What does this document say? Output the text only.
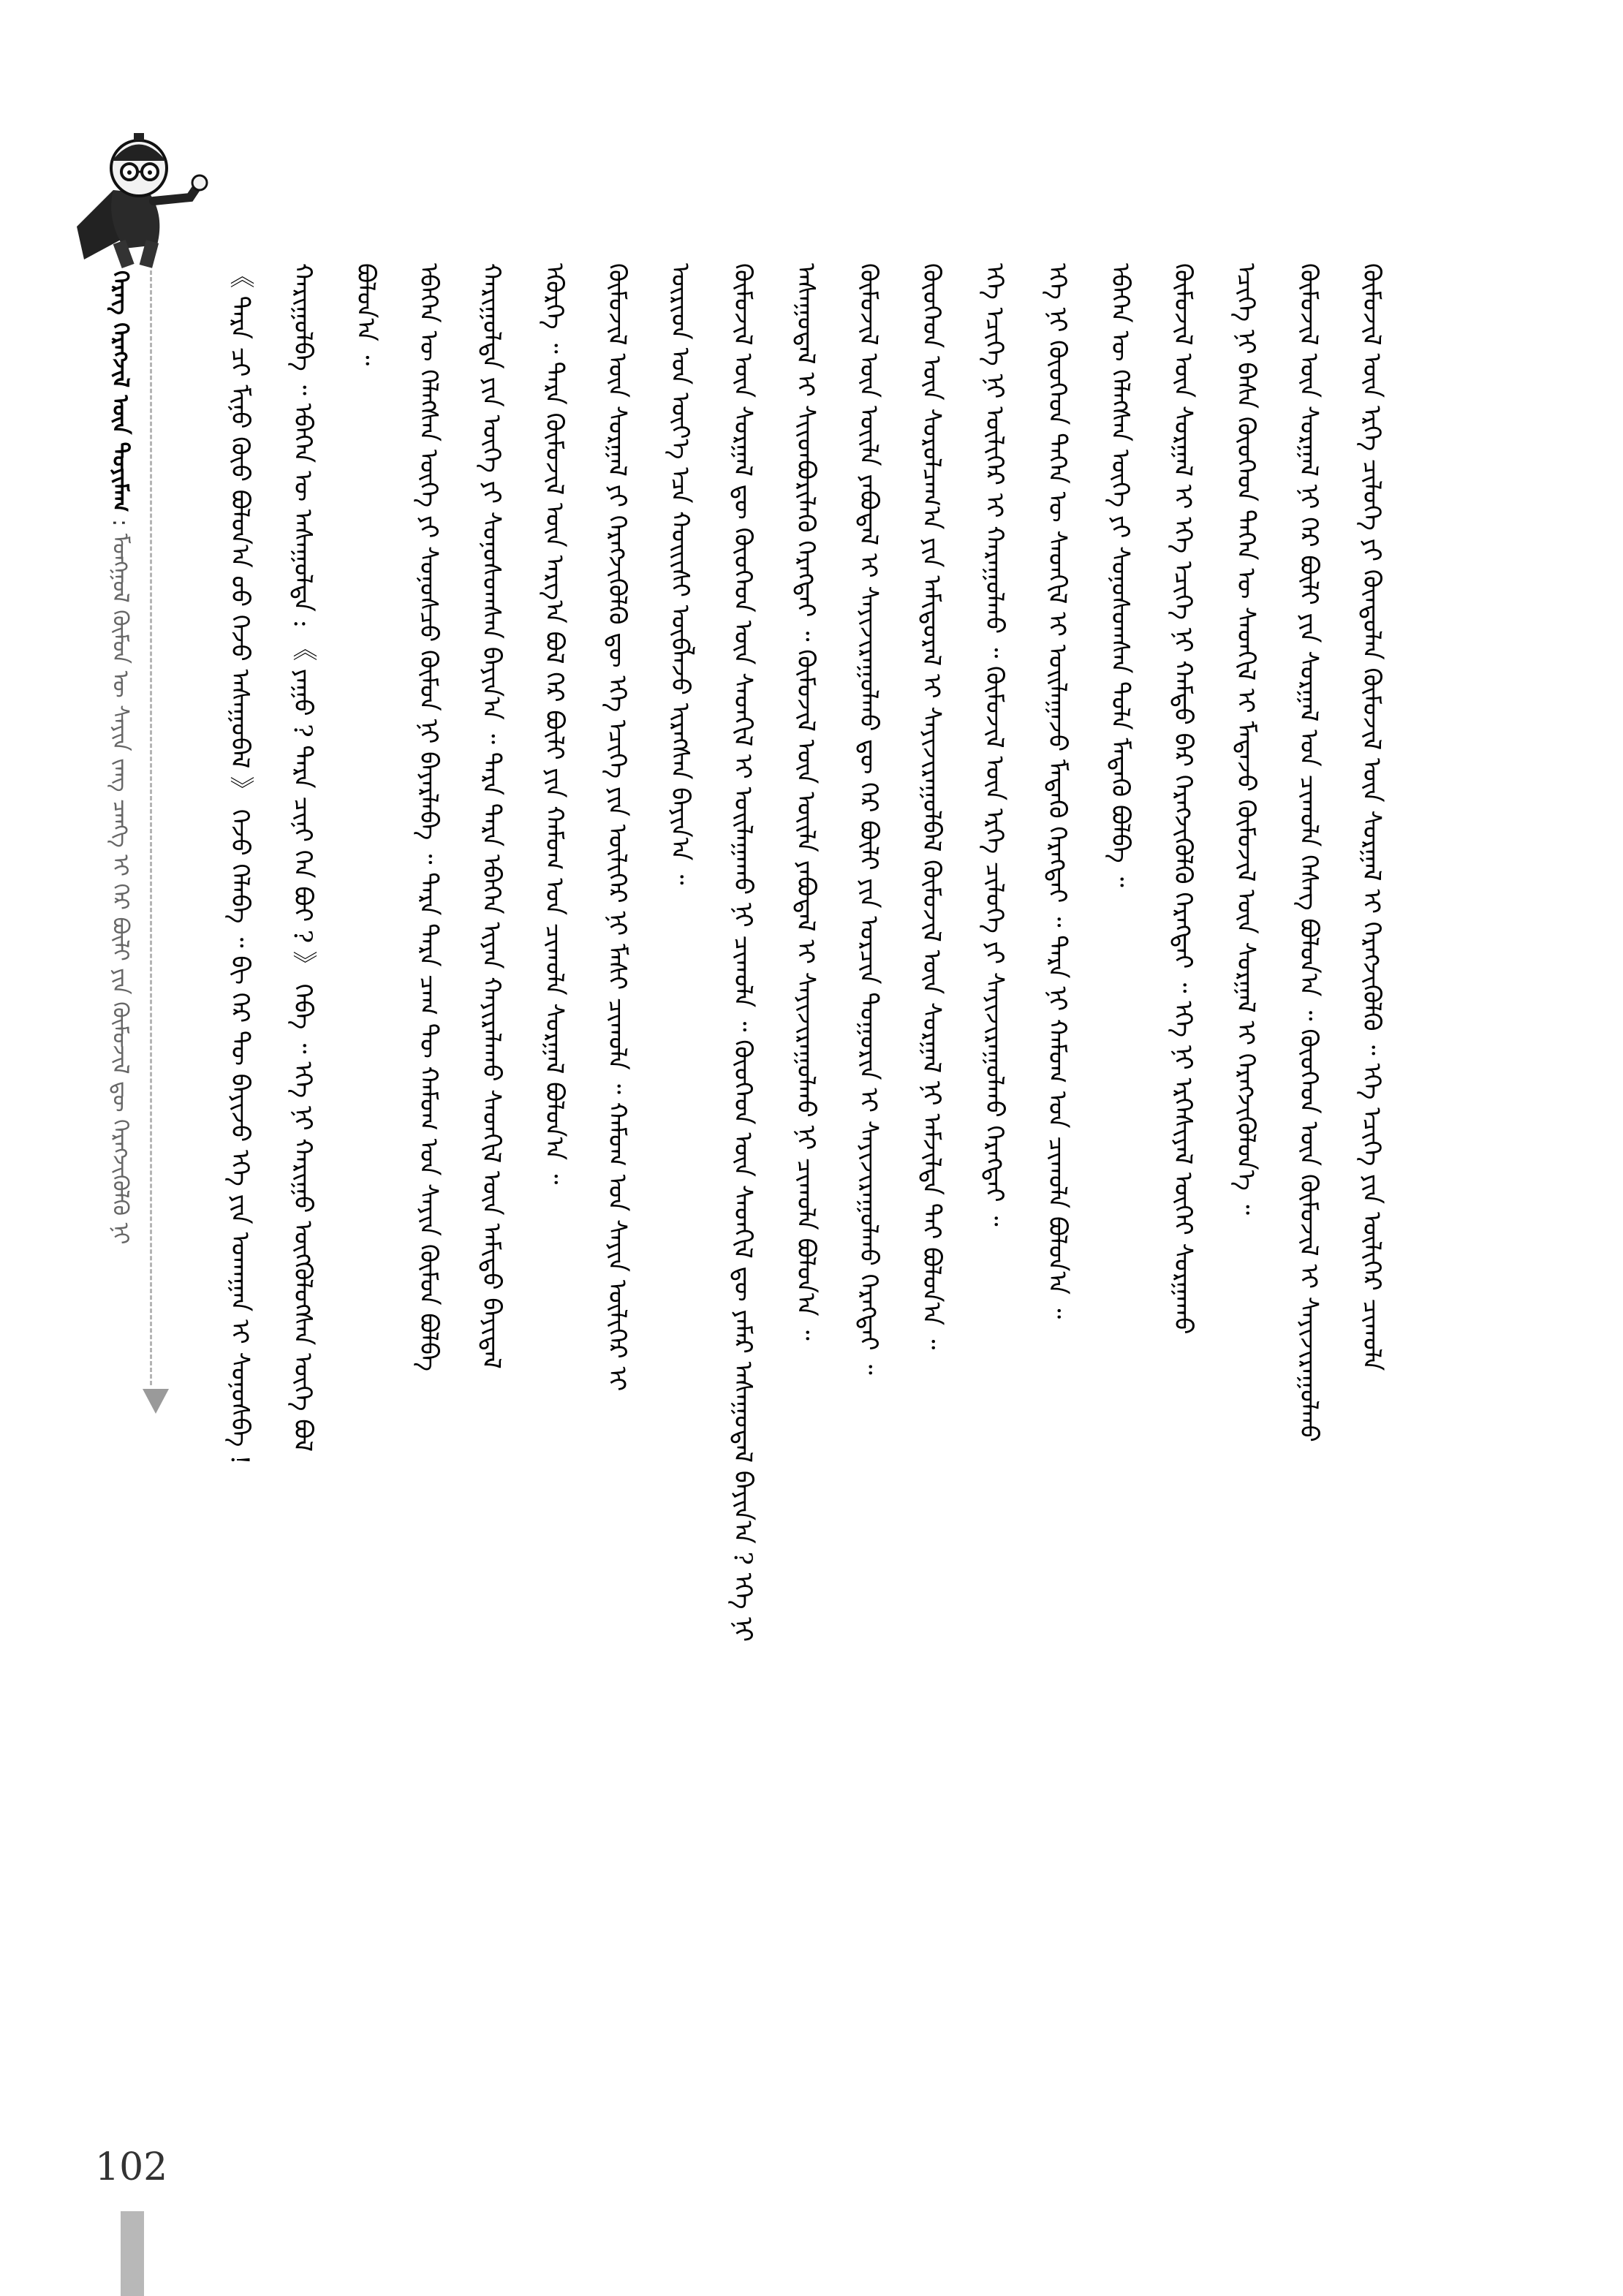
ᠬᠡᠷᠡᠭ ᠬᠡᠷᠡᠭᠵᠢᠯ ᠦᠨ ᠲᠣᠶᠢᠮᠠᠭ : ᠮᠣᠩᠭᠣᠯ ᠬᠦᠮᠦᠨ ᠦ ᠰᠠᠶᠢᠨ ᠵᠠᠩ ᠴᠠᠩᠭ ᠢ ᠭᠡᠷ ᠪᠦᠯᠢ ᠶᠢᠨ ᠬᠦᠮᠦᠵᠢᠯ ᠳᠦ ᠬᠡᠷᠡᠭᠵᠢᠭᠦᠯᠬᠦ ᠨᠢ	《 ᠲᠡᠷᠡ ᠴᠢ ᠮᠢᠨᠤ ᠬᠦᠦ ᠪᠣᠯᠤᠨ᠎ᠠ ᠦᠦ ᠭᠡᠵᠦ ᠠᠰᠠᠭᠤᠪᠠᠯ 》 ᠭᠡᠵᠦ ᠬᠡᠯᠡᠪᠡ ᠃ ᠪᠢ ᠭᠡᠷ ᠲᠦ ᠪᠠᠶᠢᠵᠤ ᠡᠬᠡ ᠶᠢᠨ ᠤᠬᠠᠭᠠᠨ ᠢ ᠰᠣᠨᠣᠰᠪᠠ ! ᠬᠠᠷᠢᠭᠤᠯᠪᠠ ᠃ ᠡᠪᠡᠭᠡᠨ ᠦ ᠠᠰᠠᠭᠤᠯᠳᠠ : 《 ᠶᠠᠭᠤ ? ᠲᠡᠷᠡ ᠴᠢᠨᠢ ᠬᠡᠨ ᠪᠤᠢ ? 》 ᠭᠡᠪᠡ ᠃ ᠡᠬᠡ ᠨᠢ ᠬᠠᠷᠢᠭᠤ ᠥᠭᠭᠦᠯᠦᠭᠰᠡᠨ ᠦᠭᠡ ᠪᠤᠯ ᠪᠣᠯᠤᠨ᠎ᠠ ᠃ ᠡᠪᠡᠭᠡᠨ ᠦ ᠬᠡᠯᠡᠭᠰᠡᠨ ᠦᠭᠡ ᠶᠢ ᠰᠣᠨᠣᠰᠴᠤ ᠬᠦᠮᠦᠨ ᠨᠢ ᠪᠠᠶᠠᠷᠯᠠᠪᠠ ᠃ ᠲᠡᠷᠡ ᠲᠡᠷᠡ ᠴᠠᠭ ᠲᠦ ᠬᠠᠮᠤᠭ ᠤᠨ ᠰᠠᠶᠢᠨ ᠬᠦᠮᠦᠨ ᠪᠣᠯᠪᠠ ᠬᠠᠷᠢᠭᠤᠯᠲᠠ ᠶᠢᠨ ᠦᠭᠡ ᠶᠢ ᠰᠣᠨᠣᠰᠤᠭᠰᠠᠨ ᠪᠠᠶᠢᠨ᠎ᠠ ᠃ ᠲᠡᠷᠡ ᠲᠡᠷᠡ ᠡᠪᠡᠭᠡᠨ ᠢᠶᠡᠨ ᠬᠠᠶᠢᠷᠠᠯᠠᠬᠤ ᠰᠡᠳᠬᠢᠯ ᠦᠨ ᠠᠮᠢᠳᠤ ᠪᠠᠶᠢᠳᠠᠯ ᠡᠭᠦᠷᠭᠡ ᠃ ᠲᠡᠷᠡ ᠬᠦᠮᠦᠵᠢᠯ ᠦᠨ ᠠᠷᠭ᠎ᠠ ᠪᠣᠯ ᠭᠡᠷ ᠪᠦᠯᠢ ᠶᠢᠨ ᠬᠠᠮᠤᠭ ᠤᠨ ᠴᠢᠬᠤᠯᠠ ᠰᠤᠷᠭᠠᠯ ᠪᠣᠯᠤᠨ᠎ᠠ ᠃ ᠬᠦᠮᠦᠵᠢᠯ ᠦᠨ ᠰᠤᠷᠭᠠᠯ ᠶᠢ ᠬᠡᠷᠡᠭᠵᠢᠭᠦᠯᠬᠦ ᠳᠦ ᠡᠬᠡ ᠡᠴᠢᠭᠡ ᠶᠢᠨ ᠦᠯᠢᠭᠡᠷ ᠨᠢ ᠮᠠᠰᠢ ᠴᠢᠬᠤᠯᠠ ᠃ ᠬᠠᠮᠤᠭ ᠤᠨ ᠰᠠᠶᠢᠨ ᠦᠯᠢᠭᠡᠷ ᠢ ᠦᠷᠢᠳ ᠤᠨ ᠦᠶ᠎ᠡ ᠡᠴᠡ ᠬᠣᠢᠢᠰᠢ ᠥᠪᠯᠡᠵᠦ ᠢᠷᠡᠭᠰᠡᠨ ᠪᠠᠶᠢᠨ᠎ᠠ ᠃ ᠬᠦᠮᠦᠵᠢᠯ ᠦᠨ ᠰᠤᠷᠭᠠᠯ ᠳᠦ ᠬᠦᠦᠬᠡᠳ ᠦᠨ ᠰᠡᠳᠬᠢᠯ ᠢ ᠣᠢᠯᠠᠭᠠᠬᠤ ᠨᠢ ᠴᠢᠬᠤᠯᠠ ᠃ ᠬᠦᠦᠬᠡᠳ ᠦᠨ ᠰᠡᠳᠬᠢᠯ ᠳᠦ ᠶᠠᠮᠠᠷ ᠠᠰᠠᠭᠤᠳᠠᠯ ᠪᠠᠶᠢᠨ᠎ᠠ ? ᠡᠬᠡ ᠨᠢ ᠠᠰᠠᠭᠤᠳᠠᠯ ᠢ ᠰᠢᠢᠳᠪᠦᠷᠢᠯᠡᠬᠦ ᠬᠡᠷᠡᠭᠲᠡᠢ ᠃ ᠬᠦᠮᠦᠵᠢᠯ ᠦᠨ ᠦᠢᠯᠡ ᠶᠠᠪᠤᠳᠠᠯ ᠢ ᠰᠠᠶᠢᠵᠢᠷᠠᠭᠤᠯᠬᠤ ᠨᠢ ᠴᠢᠬᠤᠯᠠ ᠪᠣᠯᠤᠨ᠎ᠠ ᠃ ᠬᠦᠮᠦᠵᠢᠯ ᠦᠨ ᠦᠢᠯᠡ ᠶᠠᠪᠤᠳᠠᠯ ᠢ ᠰᠠᠶᠢᠵᠢᠷᠠᠭᠤᠯᠬᠤ ᠳᠦ ᠭᠡᠷ ᠪᠦᠯᠢ ᠶᠢᠨ ᠣᠷᠴᠢᠨ ᠲᠣᠭᠣᠷᠢᠨ ᠢ ᠰᠠᠶᠢᠵᠢᠷᠠᠭᠤᠯᠬᠤ ᠬᠡᠷᠡᠭᠲᠡᠢ ᠃ ᠬᠦᠦᠬᠡᠳ ᠦᠨ ᠰᠤᠷᠤᠯᠴᠠᠭ᠎ᠠ ᠶᠢᠨ ᠠᠮᠢᠳᠤᠷᠠᠯ ᠢ ᠰᠠᠶᠢᠵᠢᠷᠠᠭᠤᠯᠪᠠᠯ ᠬᠦᠮᠦᠵᠢᠯ ᠦᠨ ᠰᠤᠷᠭᠠᠯ ᠨᠢ ᠠᠮᠵᠢᠯᠲᠠ ᠲᠠᠢ ᠪᠣᠯᠤᠨ᠎ᠠ ᠃ ᠡᠬᠡ ᠡᠴᠢᠭᠡ ᠨᠢ ᠦᠯᠢᠭᠡᠷ ᠢ ᠬᠠᠷᠠᠭᠤᠯᠬᠤ ᠃ ᠬᠦᠮᠦᠵᠢᠯ ᠦᠨ ᠡᠷᠬᠡ ᠴᠢᠯᠦᠭᠡ ᠶᠢ ᠰᠠᠶᠢᠵᠢᠷᠠᠭᠤᠯᠬᠤ ᠬᠡᠷᠡᠭᠲᠡᠢ ᠃ ᠡᠬᠡ ᠨᠢ ᠬᠦᠦᠬᠡᠳ ᠲᠡᠭᠡᠨ ᠦ ᠰᠡᠳᠬᠢᠯ ᠢ ᠣᠢᠯᠠᠭᠠᠵᠤ ᠮᠡᠳᠡᠬᠦ ᠬᠡᠷᠡᠭᠲᠡᠢ ᠃ ᠲᠡᠷᠡ ᠨᠢ ᠬᠠᠮᠤᠭ ᠤᠨ ᠴᠢᠬᠤᠯᠠ ᠪᠣᠯᠤᠨ᠎ᠠ ᠃ ᠡᠪᠡᠭᠡᠨ ᠦ ᠬᠡᠯᠡᠭᠰᠡᠨ ᠦᠭᠡ ᠶᠢ ᠰᠣᠨᠣᠰᠤᠭᠰᠠᠨ ᠲᠣᠯᠠ ᠮᠡᠳᠡᠬᠦ ᠪᠣᠯᠪᠠ ᠃ ᠬᠦᠮᠦᠵᠢᠯ ᠦᠨ ᠰᠤᠷᠭᠠᠯ ᠢ ᠡᠬᠡ ᠡᠴᠢᠭᠡ ᠨᠢ ᠬᠠᠮᠲᠤ ᠪᠡᠷ ᠬᠡᠷᠡᠭᠵᠢᠭᠦᠯᠬᠦ ᠬᠡᠷᠡᠭᠲᠡᠢ ᠃ ᠡᠬᠡ ᠨᠢ ᠡᠷᠬᠡᠰᠢᠶᠡᠯ ᠦᠭᠡᠢ ᠰᠤᠷᠭᠠᠬᠤ ᠡᠴᠢᠭᠡ ᠨᠢ ᠪᠠᠰᠠ ᠬᠦᠦᠬᠡᠳ ᠲᠡᠭᠡᠨ ᠦ ᠰᠡᠳᠬᠢᠯ ᠢ ᠮᠡᠳᠡᠵᠦ ᠬᠦᠮᠦᠵᠢᠯ ᠦᠨ ᠰᠤᠷᠭᠠᠯ ᠢ ᠬᠡᠷᠡᠭᠵᠢᠭᠦᠯᠦᠨ᠎ᠡ ᠃ ᠬᠦᠮᠦᠵᠢᠯ ᠦᠨ ᠰᠤᠷᠭᠠᠯ ᠨᠢ ᠭᠡᠷ ᠪᠦᠯᠢ ᠶᠢᠨ ᠰᠤᠷᠭᠠᠯ ᠤᠨ ᠴᠢᠬᠤᠯᠠ ᠬᠡᠰᠡᠭ ᠪᠣᠯᠤᠨ᠎ᠠ ᠃ ᠬᠦᠦᠬᠡᠳ ᠦᠨ ᠬᠦᠮᠦᠵᠢᠯ ᠢ ᠰᠠᠶᠢᠵᠢᠷᠠᠭᠤᠯᠬᠤ ᠬᠦᠮᠦᠵᠢᠯ ᠦᠨ ᠡᠷᠬᠡ ᠴᠢᠯᠦᠭᠡ ᠶᠢ ᠬᠦᠨᠳᠦᠯᠡᠨ ᠬᠦᠮᠦᠵᠢᠯ ᠦᠨ ᠰᠤᠷᠭᠠᠯ ᠢ ᠬᠡᠷᠡᠭᠵᠢᠭᠦᠯᠬᠦ ᠃ ᠡᠬᠡ ᠡᠴᠢᠭᠡ ᠶᠢᠨ ᠦᠯᠢᠭᠡᠷ ᠴᠢᠬᠤᠯᠠ
102
